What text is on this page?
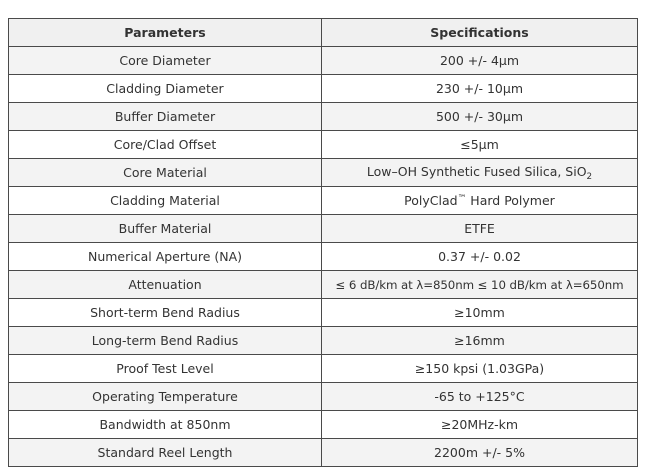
Parameters	Specifications
Core Diameter	200 +/- 4µm
Cladding Diameter	230 +/- 10µm
Buffer Diameter	500 +/- 30µm
Core/Clad Offset	≤5µm
Core Material	Low–OH Synthetic Fused Silica, SiO$_2$
Cladding Material	PolyClad™ Hard Polymer
Buffer Material	ETFE
Numerical Aperture (NA)	0.37 +/- 0.02
Attenuation	≤ 6 dB/km at λ=850nm ≤ 10 dB/km at λ=650nm
Short-term Bend Radius	≥10mm
Long-term Bend Radius	≥16mm
Proof Test Level	≥150 kpsi (1.03GPa)
Operating Temperature	-65 to +125°C
Bandwidth at 850nm	≥20MHz-km
Standard Reel Length	2200m +/- 5%
